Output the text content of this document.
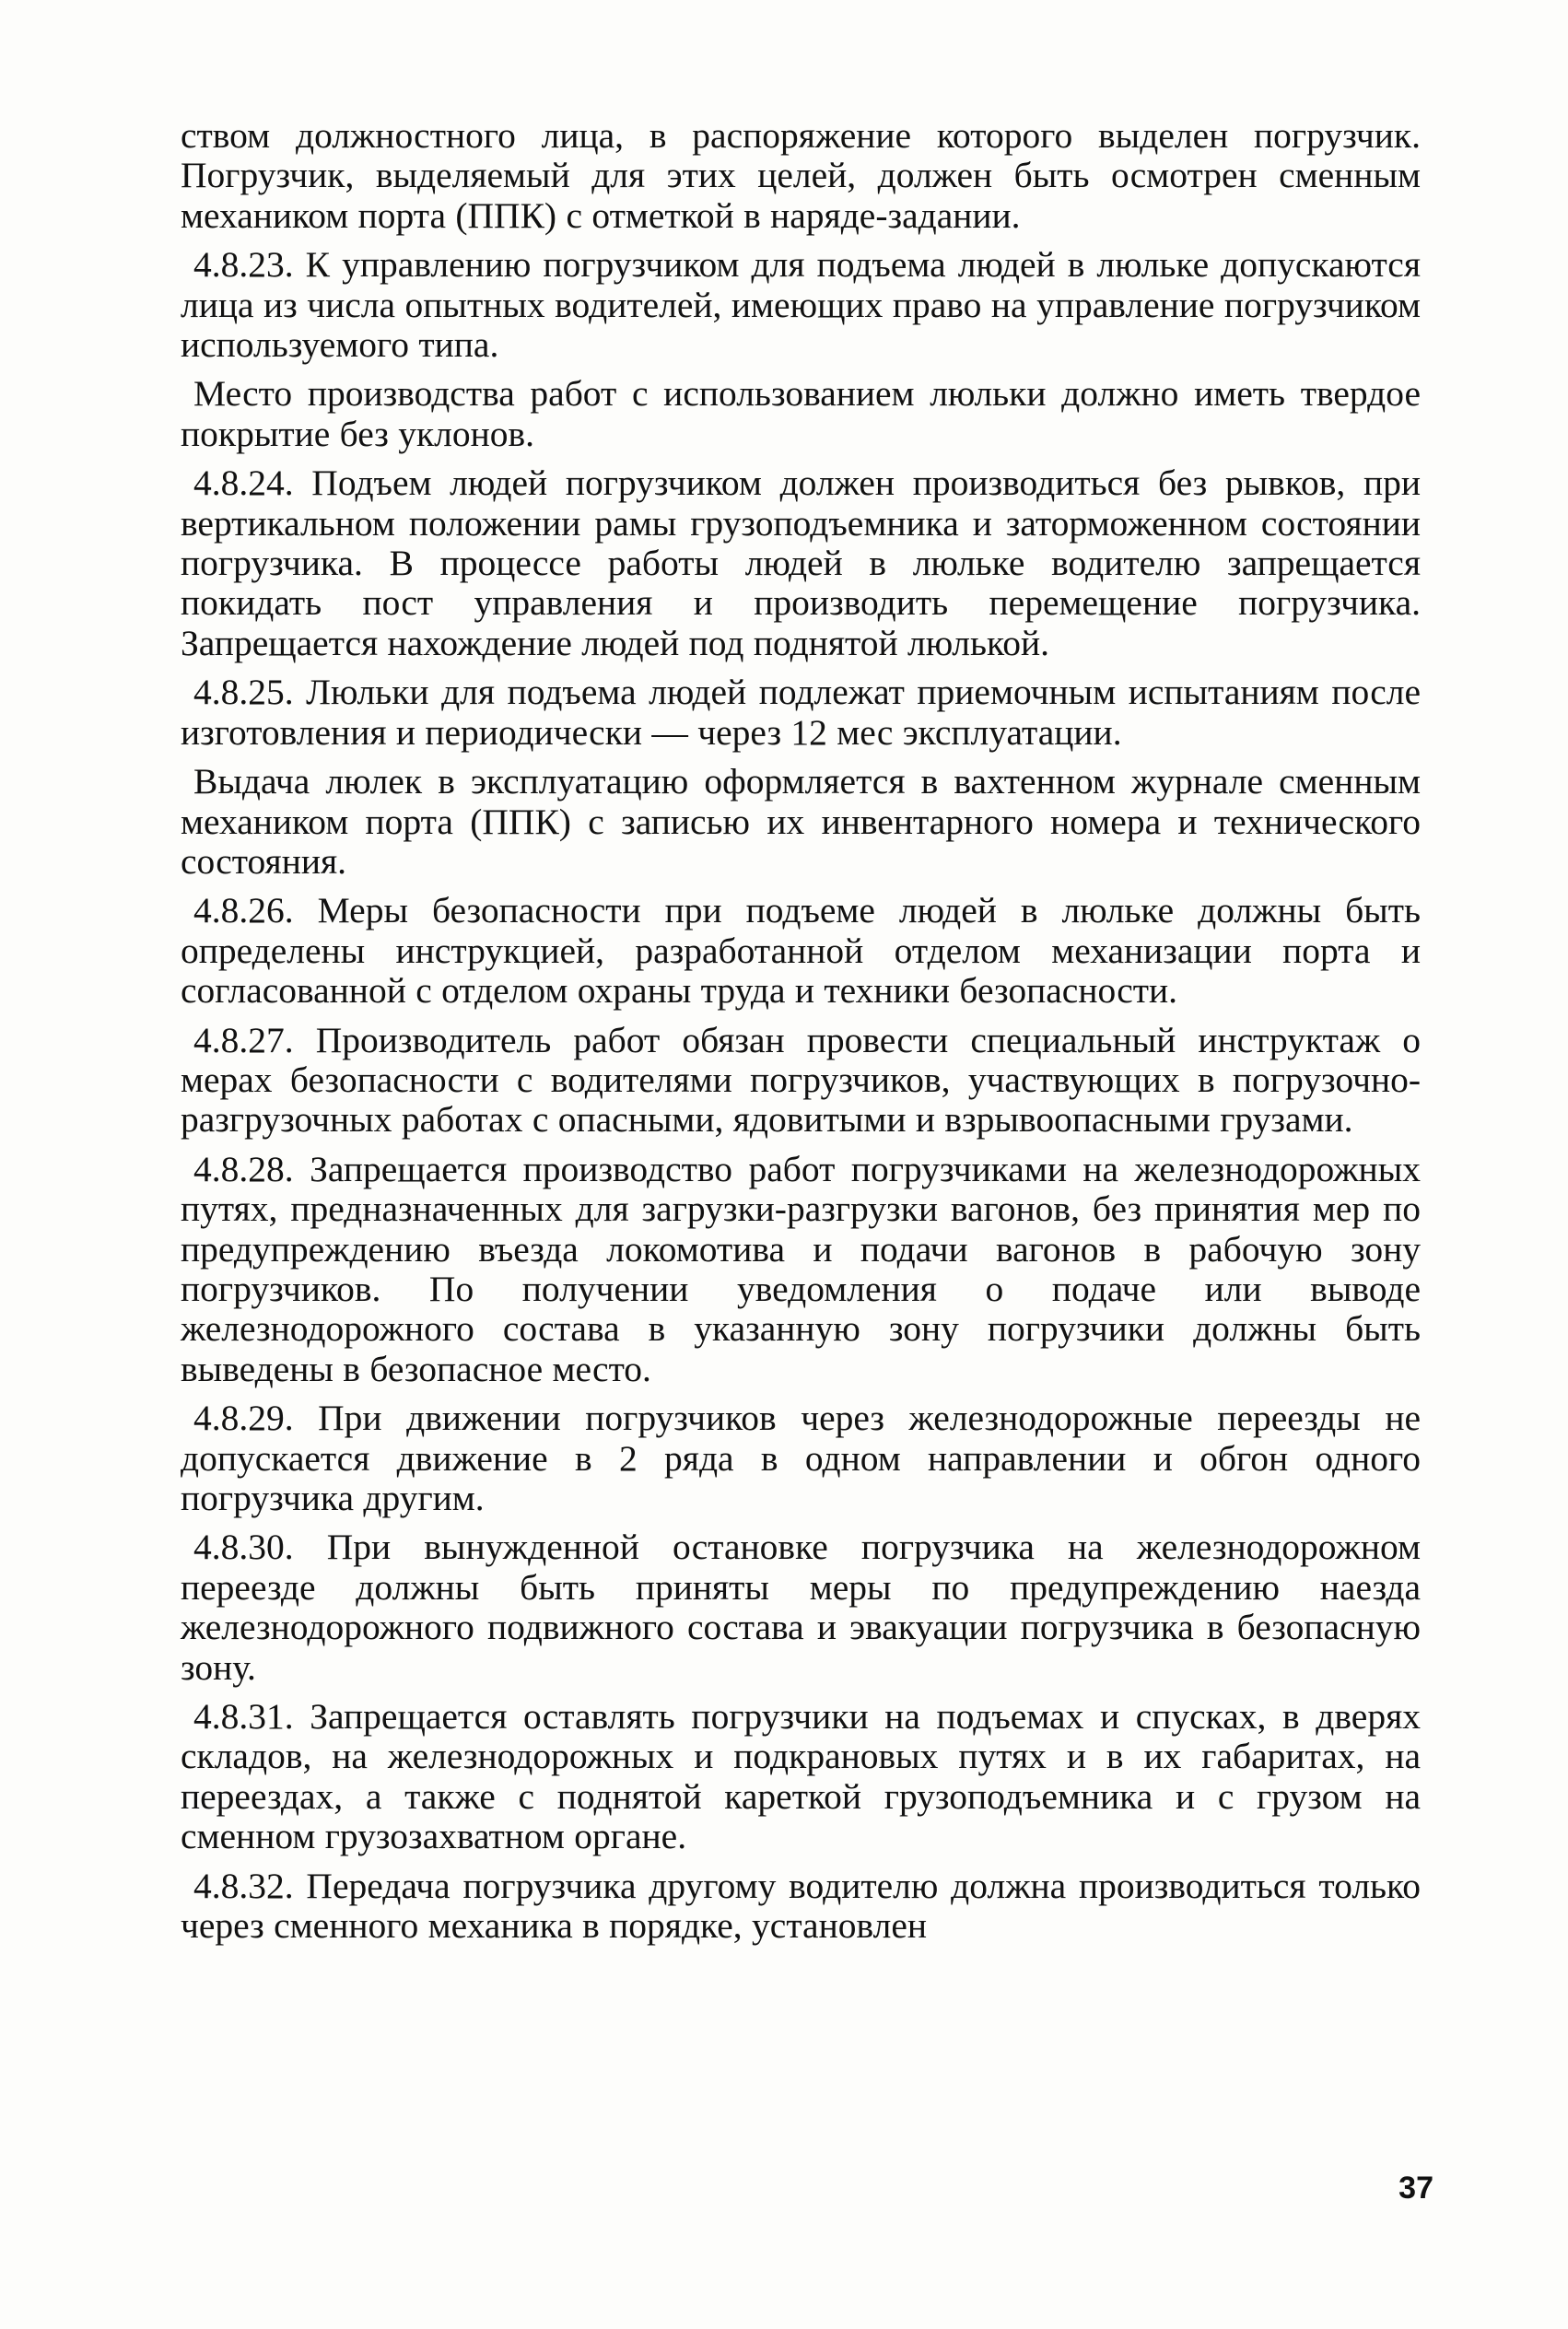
ством должностного лица, в распоряжение которого выделен погрузчик. Погрузчик, выделяемый для этих целей, должен быть осмотрен сменным механиком порта (ППК) с отметкой в наряде-задании.

4.8.23. К управлению погрузчиком для подъема людей в люльке допускаются лица из числа опытных водителей, имеющих право на управление погрузчиком используемого типа.

Место производства работ с использованием люльки должно иметь твердое покрытие без уклонов.

4.8.24. Подъем людей погрузчиком должен производиться без рывков, при вертикальном положении рамы грузоподъемника и заторможенном состоянии погрузчика. В процессе работы людей в люльке водителю запрещается покидать пост управления и производить перемещение погрузчика. Запрещается нахождение людей под поднятой люлькой.

4.8.25. Люльки для подъема людей подлежат приемочным испытаниям после изготовления и периодически — через 12 мес эксплуатации.

Выдача люлек в эксплуатацию оформляется в вахтенном журнале сменным механиком порта (ППК) с записью их инвентарного номера и технического состояния.

4.8.26. Меры безопасности при подъеме людей в люльке должны быть определены инструкцией, разработанной отделом механизации порта и согласованной с отделом охраны труда и техники безопасности.

4.8.27. Производитель работ обязан провести специальный инструктаж о мерах безопасности с водителями погрузчиков, участвующих в погрузочно-разгрузочных работах с опасными, ядовитыми и взрывоопасными грузами.

4.8.28. Запрещается производство работ погрузчиками на железнодорожных путях, предназначенных для загрузки-разгрузки вагонов, без принятия мер по предупреждению въезда локомотива и подачи вагонов в рабочую зону погрузчиков. По получении уведомления о подаче или выводе железнодорожного состава в указанную зону погрузчики должны быть выведены в безопасное место.

4.8.29. При движении погрузчиков через железнодорожные переезды не допускается движение в 2 ряда в одном направлении и обгон одного погрузчика другим.

4.8.30. При вынужденной остановке погрузчика на железнодорожном переезде должны быть приняты меры по предупреждению наезда железнодорожного подвижного состава и эвакуации погрузчика в безопасную зону.

4.8.31. Запрещается оставлять погрузчики на подъемах и спусках, в дверях складов, на железнодорожных и подкрановых путях и в их габаритах, на переездах, а также с поднятой кареткой грузоподъемника и с грузом на сменном грузозахватном органе.

4.8.32. Передача погрузчика другому водителю должна производиться только через сменного механика в порядке, установлен

37
